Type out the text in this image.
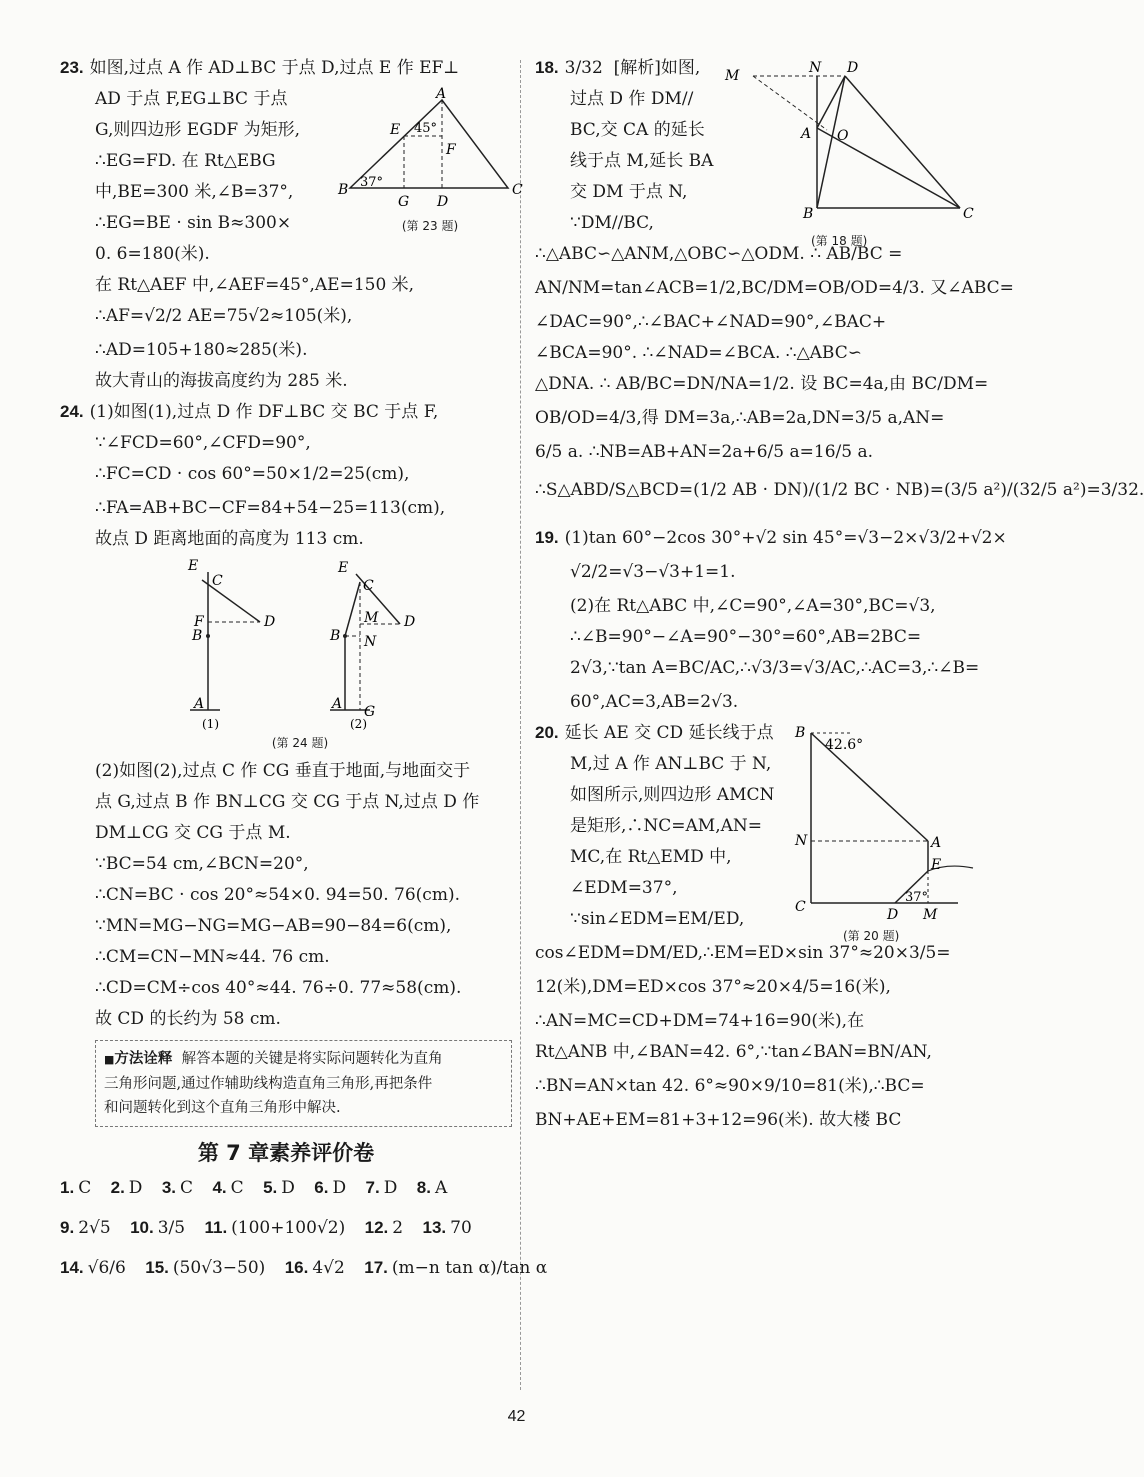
23. 如图,过点 A 作 AD⊥BC 于点 D,过点 E 作 EF⊥
AD 于点 F,EG⊥BC 于点
G,则四边形 EGDF 为矩形,
∴EG=FD. 在 Rt△EBG
中,BE=300 米,∠B=37°,
∴EG=BE · sin B≈300×
0. 6=180(米).
在 Rt△AEF 中,∠AEF=45°,AE=150 米,
∴AF=√2/2 AE=75√2≈105(米),
∴AD=105+180≈285(米).
故大青山的海拔高度约为 285 米.
A
B	C
D
E
F
G
45°
37°
(第 23 题)
24. (1)如图(1),过点 D 作 DF⊥BC 交 BC 于点 F,
∵∠FCD=60°,∠CFD=90°,
∴FC=CD · cos 60°=50×1/2=25(cm),
∴FA=AB+BC−CF=84+54−25=113(cm),
故点 D 距离地面的高度为 113 cm.
E
C
D
F
B
A
(1)
E
C
M D
B N
A G
(2)
(第 24 题)
(2)如图(2),过点 C 作 CG 垂直于地面,与地面交于
点 G,过点 B 作 BN⊥CG 交 CG 于点 N,过点 D 作
DM⊥CG 交 CG 于点 M.
∵BC=54 cm,∠BCN=20°,
∴CN=BC · cos 20°≈54×0. 94=50. 76(cm).
∵MN=MG−NG=MG−AB=90−84=6(cm),
∴CM=CN−MN≈44. 76 cm.
∴CD=CM÷cos 40°≈44. 76÷0. 77≈58(cm).
故 CD 的长约为 58 cm.
■方法诠释 解答本题的关键是将实际问题转化为直角
三角形问题,通过作辅助线构造直角三角形,再把条件
和问题转化到这个直角三角形中解决.
第 7 章素养评价卷
1. C 2. D 3. C 4. C 5. D 6. D 7. D 8. A
9. 2√5 10. 3/5 11. (100+100√2) 12. 2 13. 70
14. √6/6 15. (50√3−50) 16. 4√2 17. (m−n tan α)/tan α
18. 3/32 [解析]如图,
过点 D 作 DM//
BC,交 CA 的延长
线于点 M,延长 BA
交 DM 于点 N,
∵DM//BC,
M	N D
A O
B	C
(第 18 题)
∴△ABC∽△ANM,△OBC∽△ODM. ∴ AB/BC =
AN/NM=tan∠ACB=1/2,BC/DM=OB/OD=4/3. 又∠ABC=
∠DAC=90°,∴∠BAC+∠NAD=90°,∠BAC+
∠BCA=90°. ∴∠NAD=∠BCA. ∴△ABC∽
△DNA. ∴ AB/BC=DN/NA=1/2. 设 BC=4a,由 BC/DM=
OB/OD=4/3,得 DM=3a,∴AB=2a,DN=3/5 a,AN=
6/5 a. ∴NB=AB+AN=2a+6/5 a=16/5 a.
∴S△ABD/S△BCD=(1/2 AB · DN)/(1/2 BC · NB)=(3/5 a²)/(32/5 a²)=3/32.
19. (1)tan 60°−2cos 30°+√2 sin 45°=√3−2×√3/2+√2×
√2/2=√3−√3+1=1.
(2)在 Rt△ABC 中,∠C=90°,∠A=30°,BC=√3,
∴∠B=90°−∠A=90°−30°=60°,AB=2BC=
2√3,∵tan A=BC/AC,∴√3/3=√3/AC,∴AC=3,∴∠B=
60°,AC=3,AB=2√3.
20. 延长 AE 交 CD 延长线于点
M,过 A 作 AN⊥BC 于 N,
如图所示,则四边形 AMCN
是矩形,∴NC=AM,AN=
MC,在 Rt△EMD 中,
∠EDM=37°,
∵sin∠EDM=EM/ED,
B
42.6°
N	A
E
C	D M
37°
(第 20 题)
cos∠EDM=DM/ED,∴EM=ED×sin 37°≈20×3/5=
12(米),DM=ED×cos 37°≈20×4/5=16(米),
∴AN=MC=CD+DM=74+16=90(米),在
Rt△ANB 中,∠BAN=42. 6°,∵tan∠BAN=BN/AN,
∴BN=AN×tan 42. 6°≈90×9/10=81(米),∴BC=
BN+AE+EM=81+3+12=96(米). 故大楼 BC
42
